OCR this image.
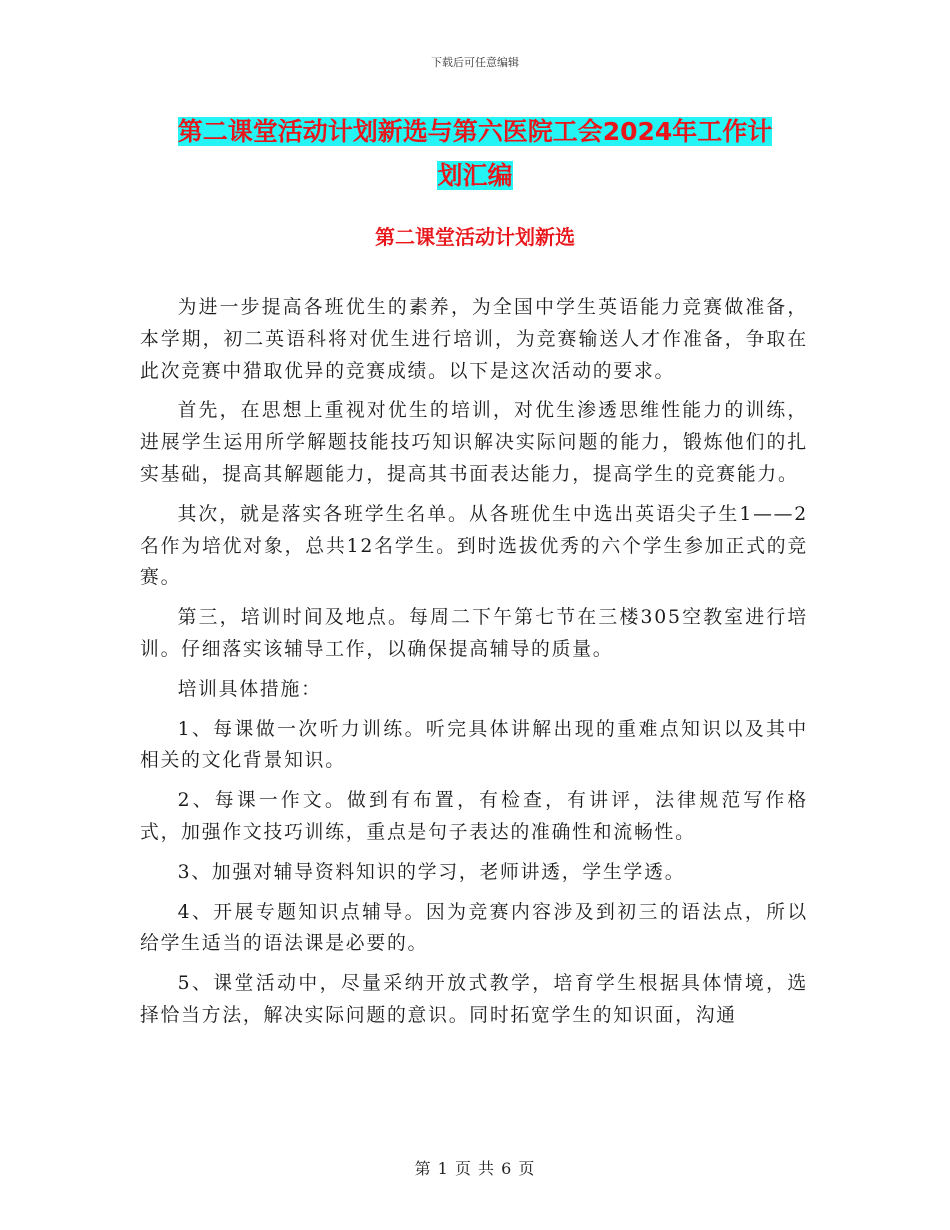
下载后可任意编辑
第二课堂活动计划新选与第六医院工会2024年工作计
划汇编
第二课堂活动计划新选

为进一步提高各班优生的素养，为全国中学生英语能力竞赛做准备，本学期，初二英语科将对优生进行培训，为竞赛输送人才作准备，争取在此次竞赛中猎取优异的竞赛成绩。以下是这次活动的要求。

首先，在思想上重视对优生的培训，对优生渗透思维性能力的训练，进展学生运用所学解题技能技巧知识解决实际问题的能力，锻炼他们的扎实基础，提高其解题能力，提高其书面表达能力，提高学生的竞赛能力。

其次，就是落实各班学生名单。从各班优生中选出英语尖子生1——2名作为培优对象，总共12名学生。到时选拔优秀的六个学生参加正式的竞赛。

第三，培训时间及地点。每周二下午第七节在三楼305空教室进行培训。仔细落实该辅导工作，以确保提高辅导的质量。

培训具体措施：

1、每课做一次听力训练。听完具体讲解出现的重难点知识以及其中相关的文化背景知识。

2、每课一作文。做到有布置，有检查，有讲评，法律规范写作格式，加强作文技巧训练，重点是句子表达的准确性和流畅性。

3、加强对辅导资料知识的学习，老师讲透，学生学透。

4、开展专题知识点辅导。因为竞赛内容涉及到初三的语法点，所以给学生适当的语法课是必要的。

5、课堂活动中，尽量采纳开放式教学，培育学生根据具体情境，选择恰当方法，解决实际问题的意识。同时拓宽学生的知识面，沟通

第 1 页 共 6 页
